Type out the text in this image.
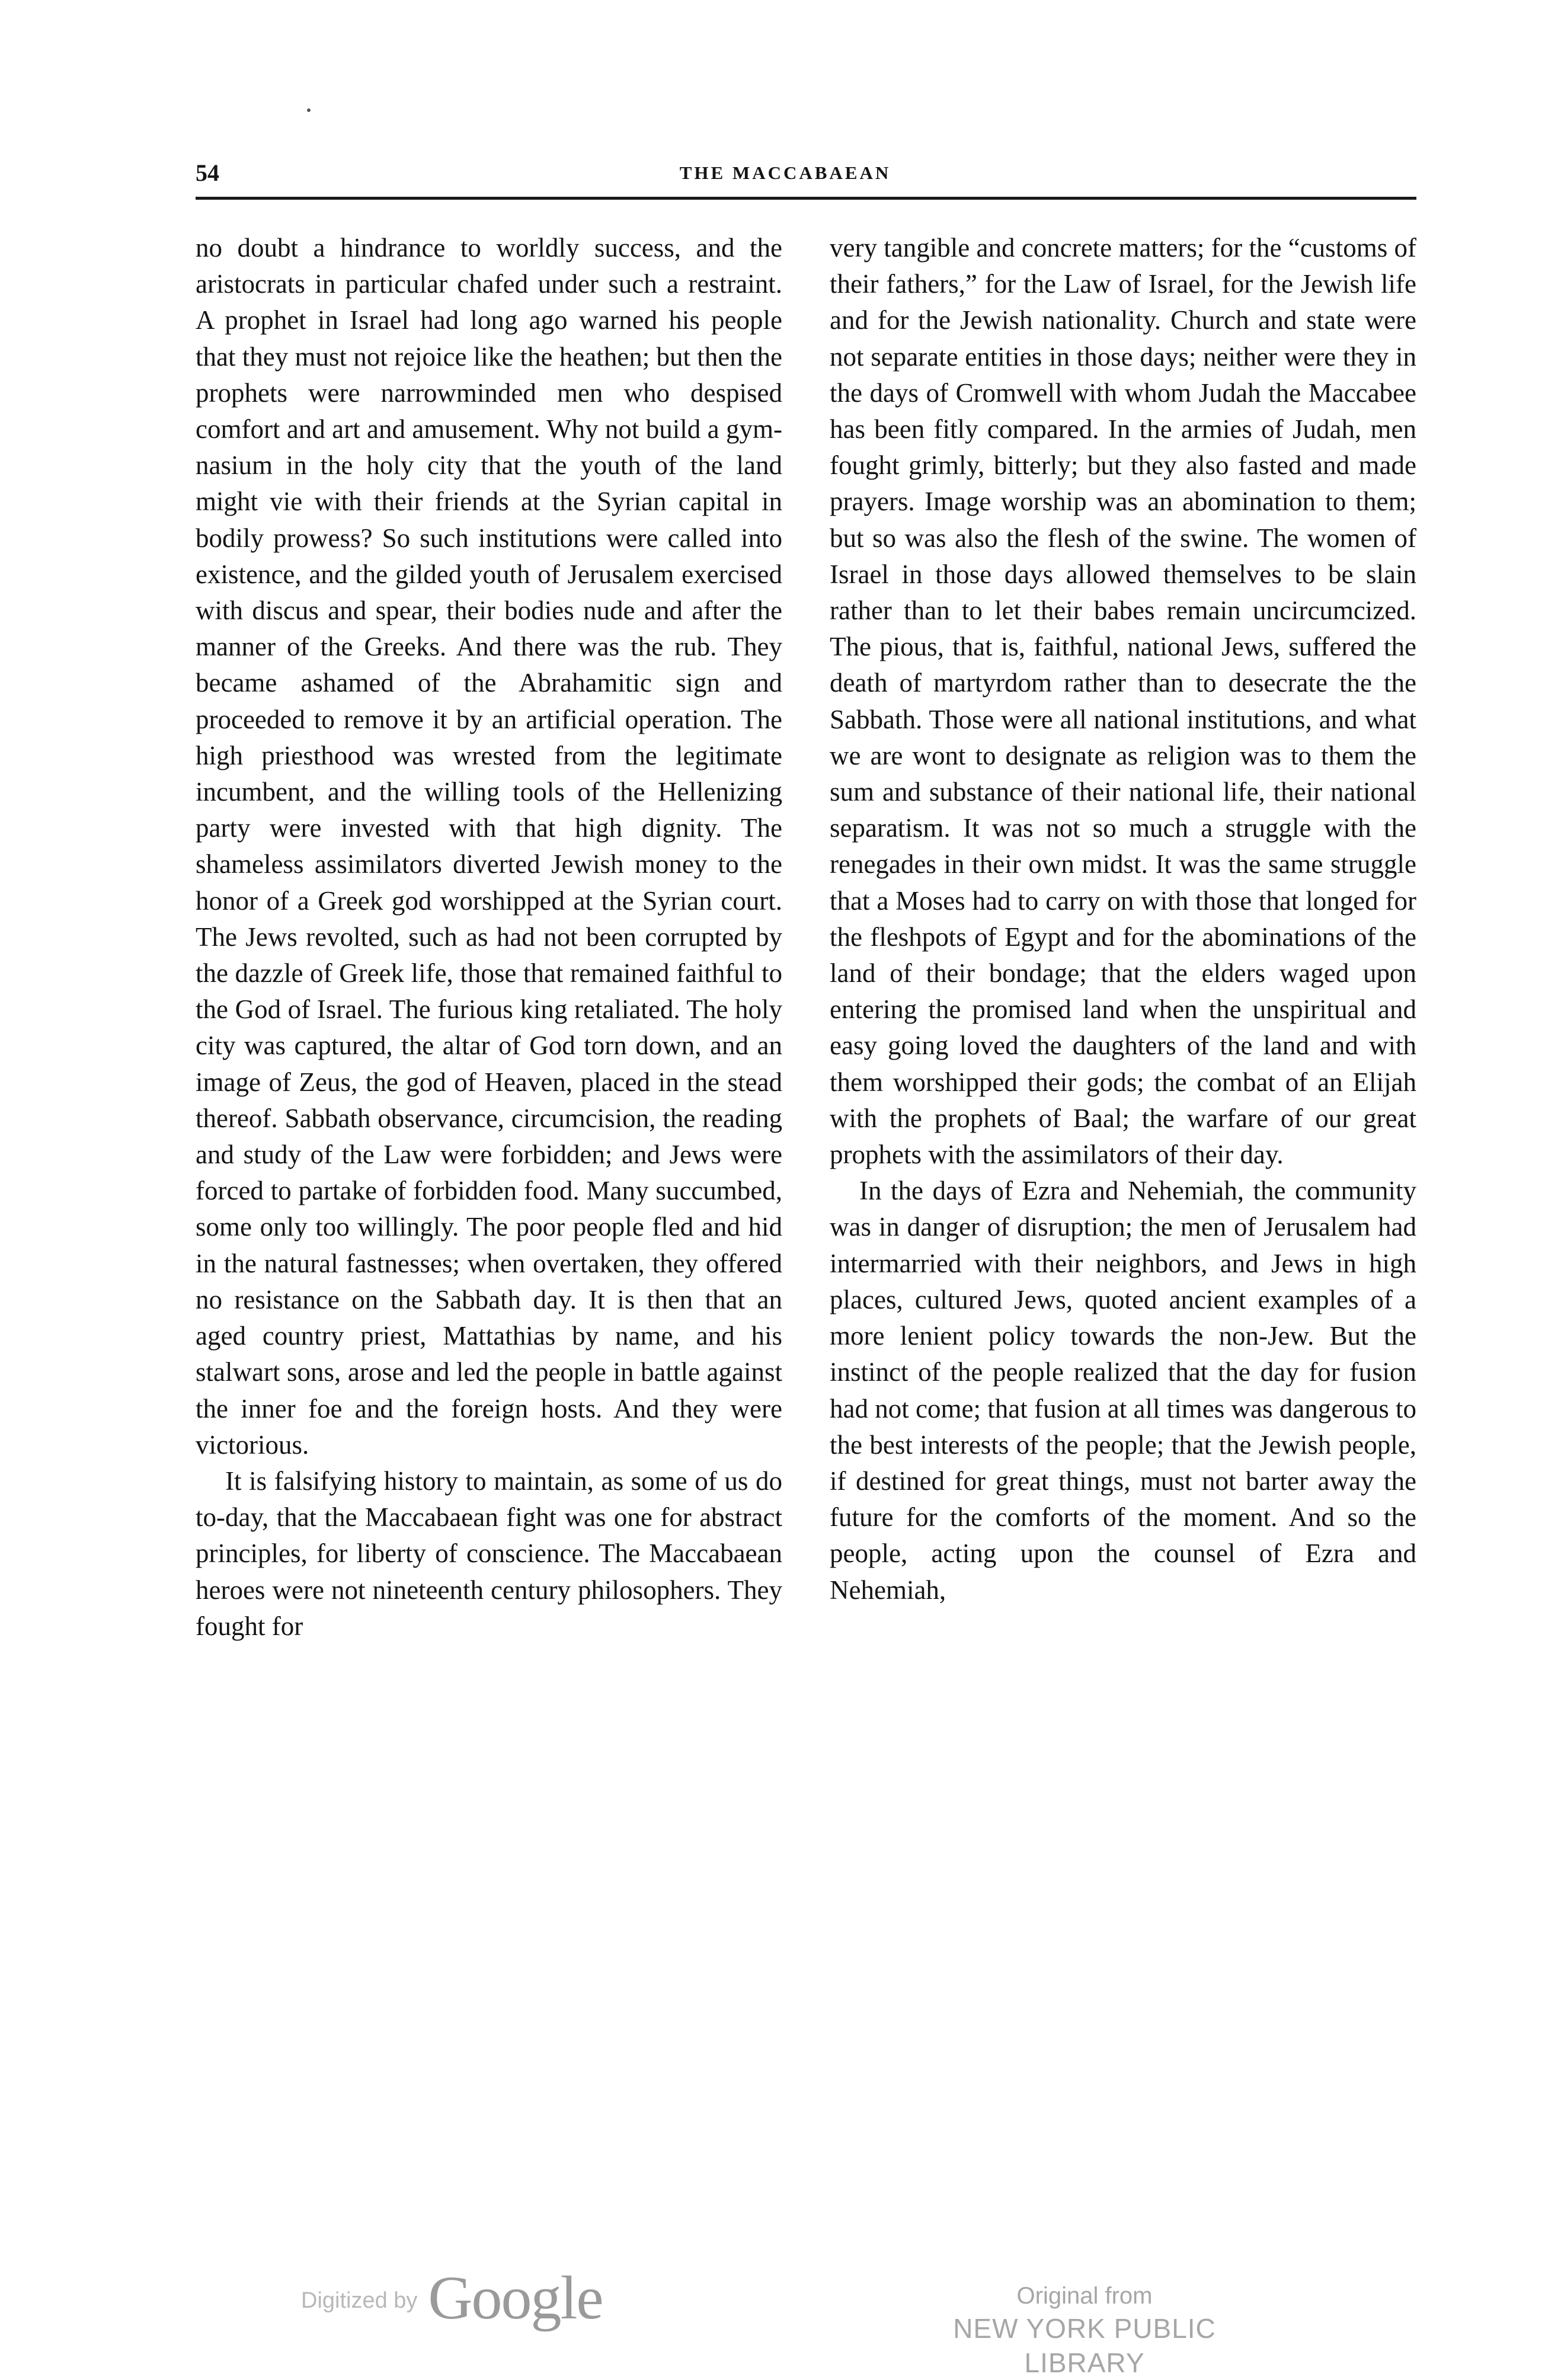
54	THE MACCABAEAN

no doubt a hindrance to worldly success, and the aristocrats in particular chafed under such a restraint. A prophet in Israel had long ago warned his people that they must not rejoice like the heathen; but then the prophets were narrowminded men who despised comfort and art and amusement. Why not build a gymnasium in the holy city that the youth of the land might vie with their friends at the Syrian capital in bodily prowess? So such institutions were called into existence, and the gilded youth of Jerusalem exercised with discus and spear, their bodies nude and after the manner of the Greeks. And there was the rub. They became ashamed of the Abrahamitic sign and proceeded to remove it by an artificial operation. The high priesthood was wrested from the legitimate incumbent, and the willing tools of the Hellenizing party were invested with that high dignity. The shameless assimilators diverted Jewish money to the honor of a Greek god worshipped at the Syrian court. The Jews revolted, such as had not been corrupted by the dazzle of Greek life, those that remained faithful to the God of Israel. The furious king retaliated. The holy city was captured, the altar of God torn down, and an image of Zeus, the god of Heaven, placed in the stead thereof. Sabbath observance, circumcision, the reading and study of the Law were forbidden; and Jews were forced to partake of forbidden food. Many succumbed, some only too willingly. The poor people fled and hid in the natural fastnesses; when overtaken, they offered no resistance on the Sabbath day. It is then that an aged country priest, Mattathias by name, and his stalwart sons, arose and led the people in battle against the inner foe and the foreign hosts. And they were victorious.

It is falsifying history to maintain, as some of us do to-day, that the Maccabaean fight was one for abstract principles, for liberty of conscience. The Maccabaean heroes were not nineteenth century philosophers. They fought for

very tangible and concrete matters; for the “customs of their fathers,” for the Law of Israel, for the Jewish life and for the Jewish nationality. Church and state were not separate entities in those days; neither were they in the days of Cromwell with whom Judah the Maccabee has been fitly compared. In the armies of Judah, men fought grimly, bitterly; but they also fasted and made prayers. Image worship was an abomination to them; but so was also the flesh of the swine. The women of Israel in those days allowed themselves to be slain rather than to let their babes remain uncircumcized. The pious, that is, faithful, national Jews, suffered the death of martyrdom rather than to desecrate the the Sabbath. Those were all national institutions, and what we are wont to designate as religion was to them the sum and substance of their national life, their national separatism. It was not so much a struggle with the renegades in their own midst. It was the same struggle that a Moses had to carry on with those that longed for the fleshpots of Egypt and for the abominations of the land of their bondage; that the elders waged upon entering the promised land when the unspiritual and easy going loved the daughters of the land and with them worshipped their gods; the combat of an Elijah with the prophets of Baal; the warfare of our great prophets with the assimilators of their day.

In the days of Ezra and Nehemiah, the community was in danger of disruption; the men of Jerusalem had intermarried with their neighbors, and Jews in high places, cultured Jews, quoted ancient examples of a more lenient policy towards the non-Jew. But the instinct of the people realized that the day for fusion had not come; that fusion at all times was dangerous to the best interests of the people; that the Jewish people, if destined for great things, must not barter away the future for the comforts of the moment. And so the people, acting upon the counsel of Ezra and Nehemiah,

Digitized by Google	Original from
NEW YORK PUBLIC LIBRARY
